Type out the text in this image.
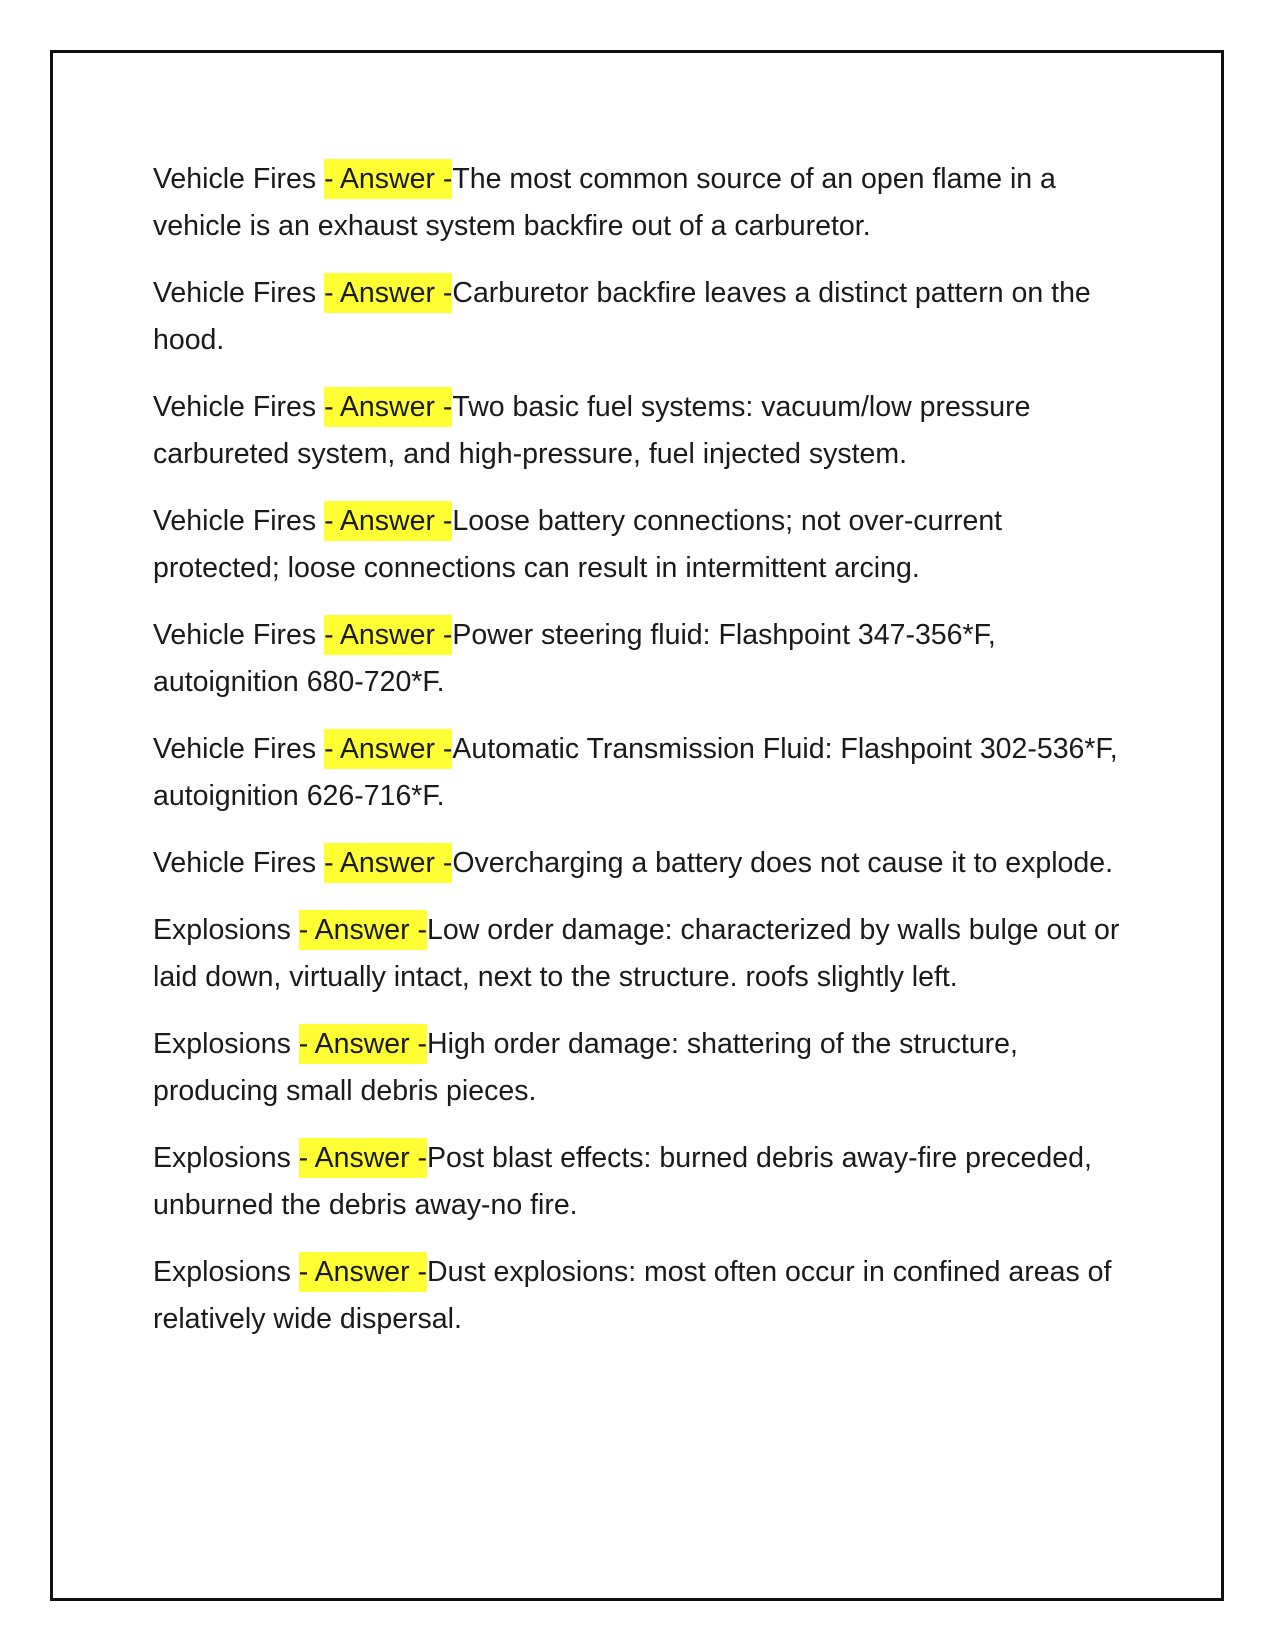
Vehicle Fires - Answer -The most common source of an open flame in a vehicle is an exhaust system backfire out of a carburetor.

Vehicle Fires - Answer -Carburetor backfire leaves a distinct pattern on the hood.

Vehicle Fires - Answer -Two basic fuel systems: vacuum/low pressure carbureted system, and high-pressure, fuel injected system.

Vehicle Fires - Answer -Loose battery connections; not over-current protected; loose connections can result in intermittent arcing.

Vehicle Fires - Answer -Power steering fluid: Flashpoint 347-356*F, autoignition 680-720*F.

Vehicle Fires - Answer -Automatic Transmission Fluid: Flashpoint 302-536*F, autoignition 626-716*F.

Vehicle Fires - Answer -Overcharging a battery does not cause it to explode.

Explosions - Answer -Low order damage: characterized by walls bulge out or laid down, virtually intact, next to the structure. roofs slightly left.

Explosions - Answer -High order damage: shattering of the structure, producing small debris pieces.

Explosions - Answer -Post blast effects: burned debris away-fire preceded, unburned the debris away-no fire.

Explosions - Answer -Dust explosions: most often occur in confined areas of relatively wide dispersal.
